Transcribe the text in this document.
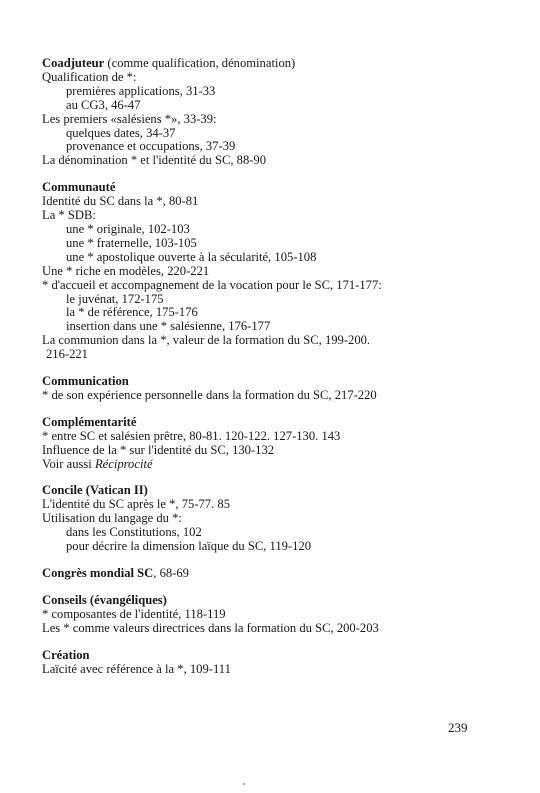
Coadjuteur (comme qualification, dénomination)
Qualification de *:
premières applications, 31-33
au CG3, 46-47
Les premiers «salésiens *», 33-39:
quelques dates, 34-37
provenance et occupations, 37-39
La dénomination * et l'identité du SC, 88-90
Communauté
Identité du SC dans la *, 80-81
La * SDB:
une * originale, 102-103
une * fraternelle, 103-105
une * apostolique ouverte à la sécularité, 105-108
Une * riche en modèles, 220-221
* d'accueil et accompagnement de la vocation pour le SC, 171-177:
le juvénat, 172-175
la * de référence, 175-176
insertion dans une * salésienne, 176-177
La communion dans la *, valeur de la formation du SC, 199-200.
216-221
Communication
* de son expérience personnelle dans la formation du SC, 217-220
Complémentarité
* entre SC et salésien prêtre, 80-81. 120-122. 127-130. 143
Influence de la * sur l'identité du SC, 130-132
Voir aussi Réciprocité
Concile (Vatican II)
L'identité du SC après le *, 75-77. 85
Utilisation du langage du *:
dans les Constitutions, 102
pour décrire la dimension laïque du SC, 119-120
Congrès mondial SC, 68-69
Conseils (évangéliques)
* composantes de l'identité, 118-119
Les * comme valeurs directrices dans la formation du SC, 200-203
Création
Laïcité avec référence à la *, 109-111
239
